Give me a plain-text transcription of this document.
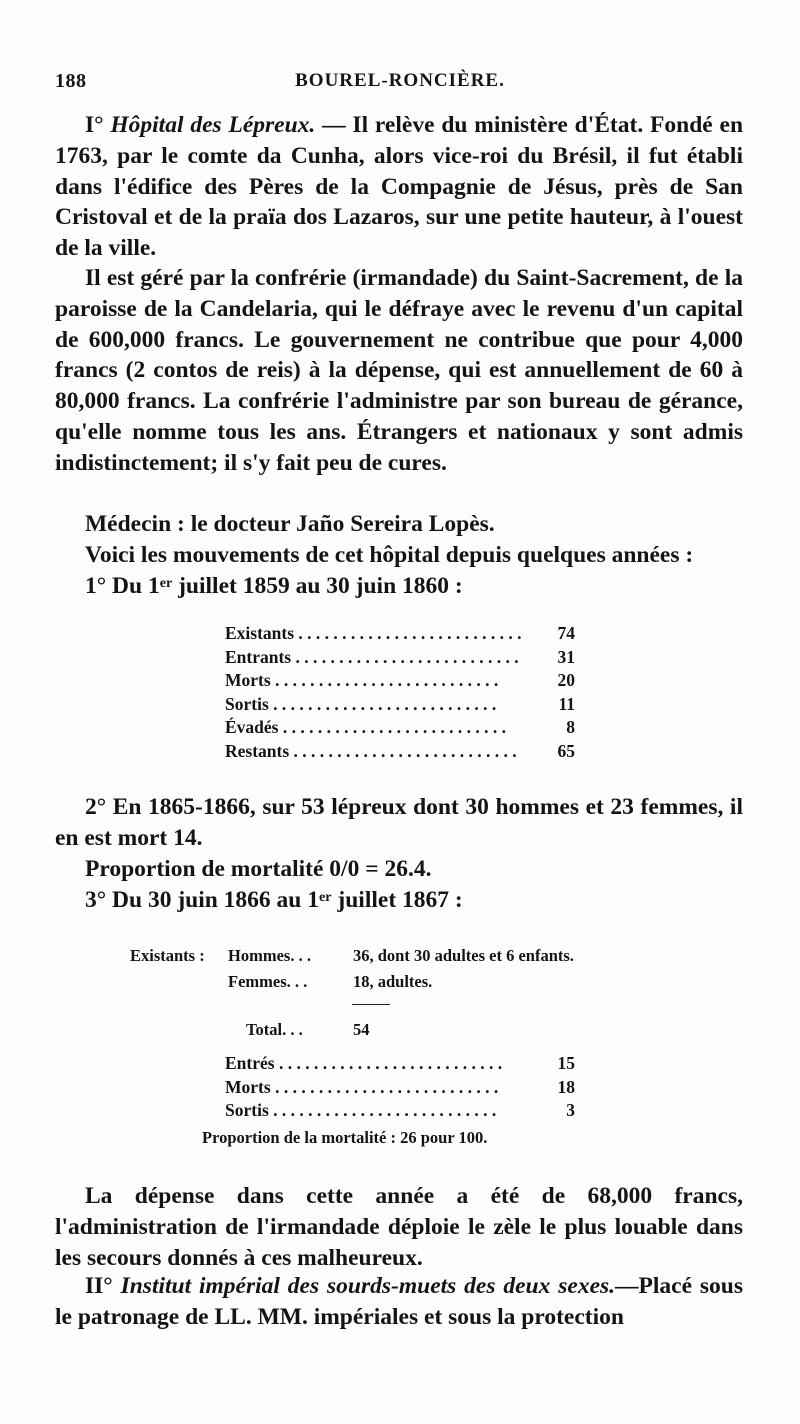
188	BOUREL-RONCIÈRE.
I° Hôpital des Lépreux. — Il relève du ministère d'État. Fondé en 1763, par le comte da Cunha, alors vice-roi du Brésil, il fut établi dans l'édifice des Pères de la Compagnie de Jésus, près de San Cristoval et de la praïa dos Lazaros, sur une petite hauteur, à l'ouest de la ville.
Il est géré par la confrérie (irmandade) du Saint-Sacrement, de la paroisse de la Candelaria, qui le défraye avec le revenu d'un capital de 600,000 francs. Le gouvernement ne contribue que pour 4,000 francs (2 contos de reis) à la dépense, qui est annuellement de 60 à 80,000 francs. La confrérie l'administre par son bureau de gérance, qu'elle nomme tous les ans. Étrangers et nationaux y sont admis indistinctement; il s'y fait peu de cures.
Médecin : le docteur Jaño Sereira Lopès.
Voici les mouvements de cet hôpital depuis quelques années :
1° Du 1er juillet 1859 au 30 juin 1860 :
Existants . . .	74
Entrants . . .	31
Morts . . .	20
Sortis . . .	11
Évadés . . .	8
Restants . . .	65
2° En 1865-1866, sur 53 lépreux dont 30 hommes et 23 femmes, il en est mort 14.
Proportion de mortalité 0/0 = 26.4.
3° Du 30 juin 1866 au 1er juillet 1867 :
Existants : Hommes. . .	36, dont 30 adultes et 6 enfants.
Femmes. . .	18, adultes.
Total. . .	54
Entrés . . .	15
Morts . . .	18
Sortis . . .	3
Proportion de la mortalité : 26 pour 100.
La dépense dans cette année a été de 68,000 francs, l'administration de l'irmandade déploie le zèle le plus louable dans les secours donnés à ces malheureux.
II° Institut impérial des sourds-muets des deux sexes.—Placé sous le patronage de LL. MM. impériales et sous la protection
